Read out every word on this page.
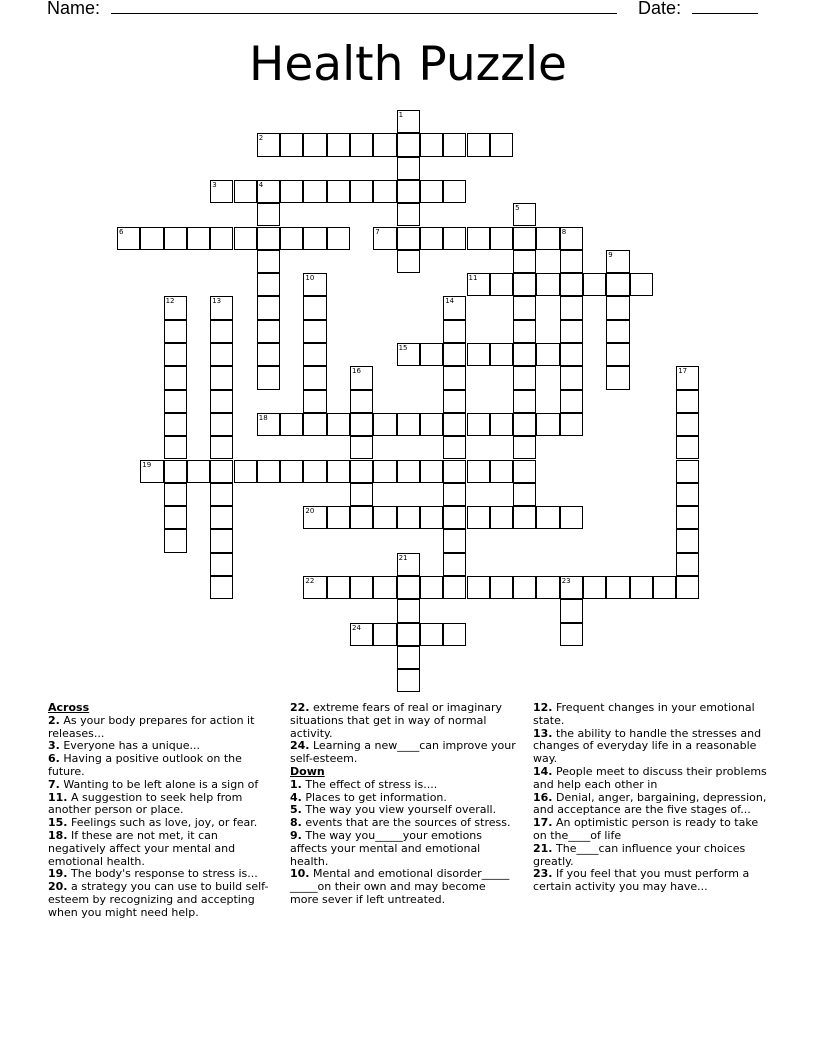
Name:	Date:
Health Puzzle
1
2
3	4
5
6	7	8
9
10	11
12	13	14
15
16	17
18
19
20
21
22	23
24
Across
2. As your body prepares for action it releases...
3. Everyone has a unique...
6. Having a positive outlook on the future.
7. Wanting to be left alone is a sign of
11. A suggestion to seek help from another person or place.
15. Feelings such as love, joy, or fear.
18. If these are not met, it can negatively affect your mental and emotional health.
19. The body's response to stress is...
20. a strategy you can use to build self-esteem by recognizing and accepting when you might need help.
22. extreme fears of real or imaginary situations that get in way of normal activity.
24. Learning a new____can improve your self-esteem.
Down
1. The effect of stress is....
4. Places to get information.
5. The way you view yourself overall.
8. events that are the sources of stress.
9. The way you_____your emotions affects your mental and emotional health.
10. Mental and emotional disorder_____ _____on their own and may become more sever if left untreated.
12. Frequent changes in your emotional state.
13. the ability to handle the stresses and changes of everyday life in a reasonable way.
14. People meet to discuss their problems and help each other in
16. Denial, anger, bargaining, depression, and acceptance are the five stages of...
17. An optimistic person is ready to take on the____of life
21. The____can influence your choices greatly.
23. If you feel that you must perform a certain activity you may have...
